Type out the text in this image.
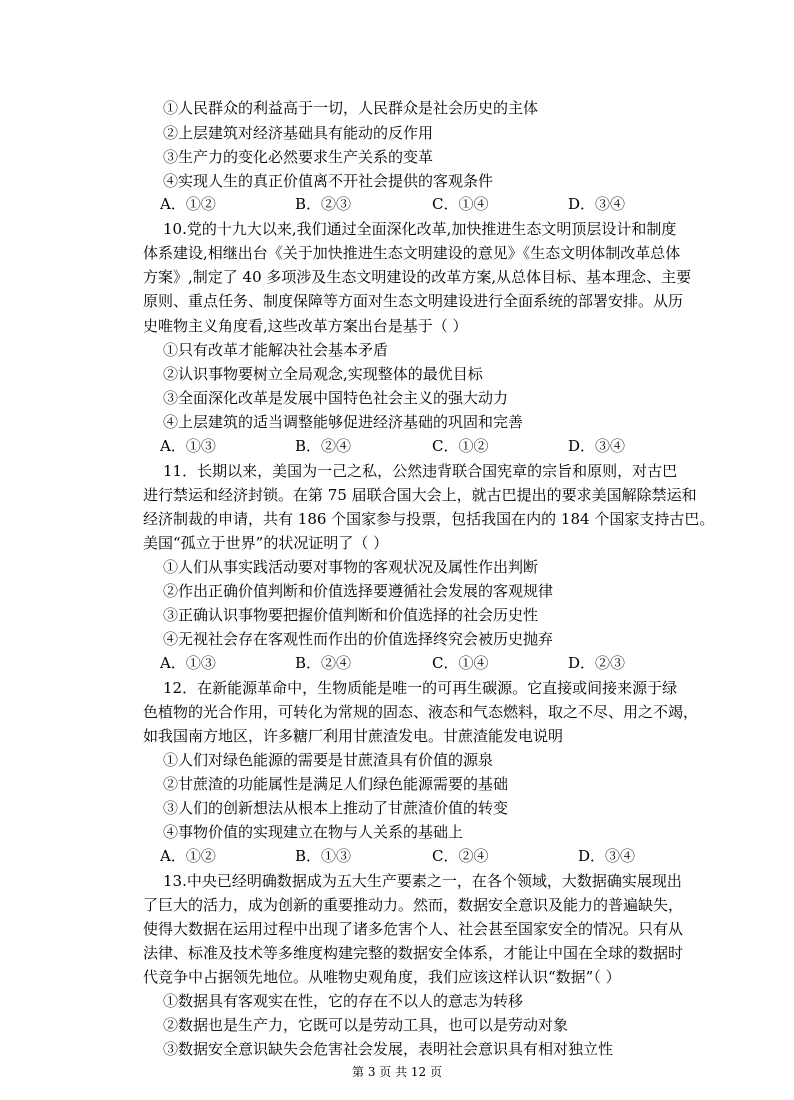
①人民群众的利益高于一切，人民群众是社会历史的主体
②上层建筑对经济基础具有能动的反作用
③生产力的变化必然要求生产关系的变革
④实现人生的真正价值离不开社会提供的客观条件
A．①②	B．②③	C．①④	D．③④
10.党的十九大以来,我们通过全面深化改革,加快推进生态文明顶层设计和制度
体系建设,相继出台《关于加快推进生态文明建设的意见》《生态文明体制改革总体
方案》,制定了 40 多项涉及生态文明建设的改革方案,从总体目标、基本理念、主要
原则、重点任务、制度保障等方面对生态文明建设进行全面系统的部署安排。从历
史唯物主义角度看,这些改革方案出台是基于（ ）
①只有改革才能解决社会基本矛盾
②认识事物要树立全局观念,实现整体的最优目标
③全面深化改革是发展中国特色社会主义的强大动力
④上层建筑的适当调整能够促进经济基础的巩固和完善
A．①③	B．②④	C．①②	D．③④
11．长期以来，美国为一己之私，公然违背联合国宪章的宗旨和原则，对古巴
进行禁运和经济封锁。在第 75 届联合国大会上，就古巴提出的要求美国解除禁运和
经济制裁的申请，共有 186 个国家参与投票，包括我国在内的 184 个国家支持古巴。
美国“孤立于世界”的状况证明了（ ）
①人们从事实践活动要对事物的客观状况及属性作出判断
②作出正确价值判断和价值选择要遵循社会发展的客观规律
③正确认识事物要把握价值判断和价值选择的社会历史性
④无视社会存在客观性而作出的价值选择终究会被历史抛弃
A．①③	B．②④	C．①④	D．②③
12．在新能源革命中，生物质能是唯一的可再生碳源。它直接或间接来源于绿
色植物的光合作用，可转化为常规的固态、液态和气态燃料，取之不尽、用之不竭，
如我国南方地区，许多糖厂利用甘蔗渣发电。甘蔗渣能发电说明
①人们对绿色能源的需要是甘蔗渣具有价值的源泉
②甘蔗渣的功能属性是满足人们绿色能源需要的基础
③人们的创新想法从根本上推动了甘蔗渣价值的转变
④事物价值的实现建立在物与人关系的基础上
A．①②	B．①③	C．②④	D．③④
13.中央已经明确数据成为五大生产要素之一，在各个领域，大数据确实展现出
了巨大的活力，成为创新的重要推动力。然而，数据安全意识及能力的普遍缺失，
使得大数据在运用过程中出现了诸多危害个人、社会甚至国家安全的情况。只有从
法律、标准及技术等多维度构建完整的数据安全体系，才能让中国在全球的数据时
代竞争中占据领先地位。从唯物史观角度，我们应该这样认识“数据”（ ）
①数据具有客观实在性，它的存在不以人的意志为转移
②数据也是生产力，它既可以是劳动工具，也可以是劳动对象
③数据安全意识缺失会危害社会发展，表明社会意识具有相对独立性
第 3 页 共 12 页
